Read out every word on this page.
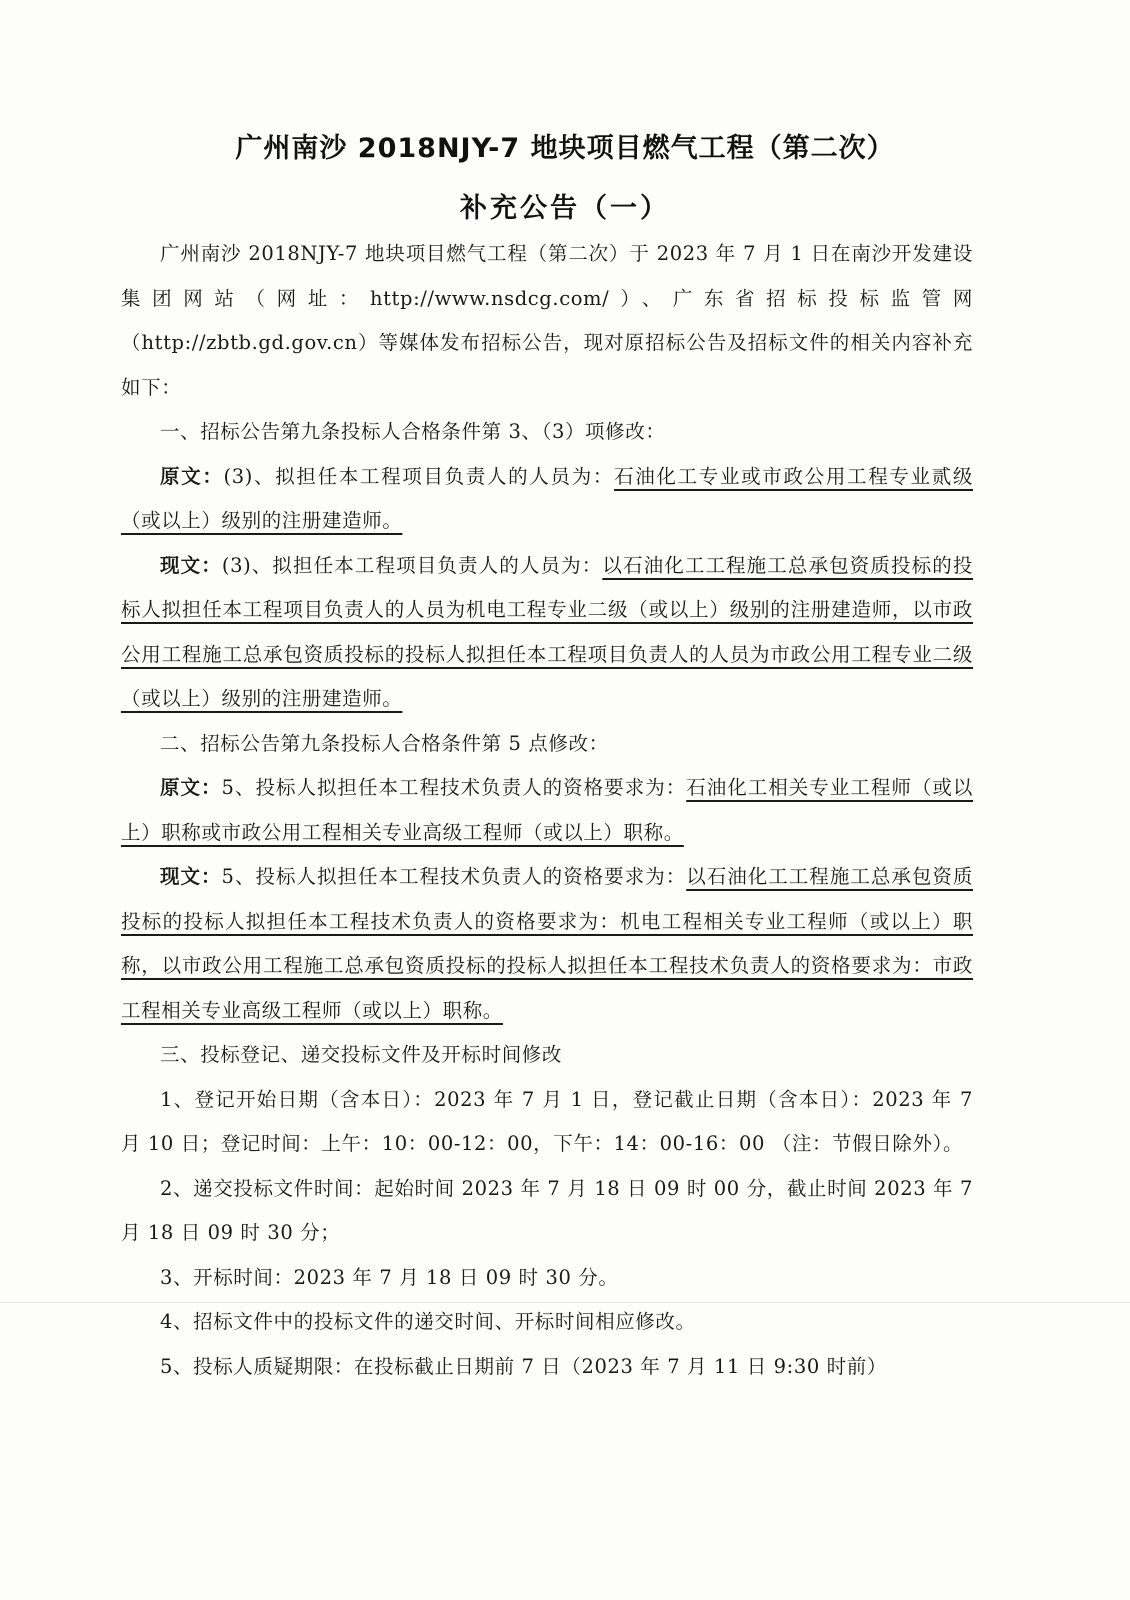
广州南沙 2018NJY-7 地块项目燃气工程（第二次）
补充公告（一）

广州南沙 2018NJY-7 地块项目燃气工程（第二次）于 2023 年 7 月 1 日在南沙开发建设集团网站（网址：http://www.nsdcg.com/）、广东省招标投标监管网（http://zbtb.gd.gov.cn）等媒体发布招标公告，现对原招标公告及招标文件的相关内容补充如下：

一、招标公告第九条投标人合格条件第 3、（3）项修改：

原文：(3)、拟担任本工程项目负责人的人员为：石油化工专业或市政公用工程专业贰级（或以上）级别的注册建造师。

现文：(3)、拟担任本工程项目负责人的人员为：以石油化工工程施工总承包资质投标的投标人拟担任本工程项目负责人的人员为机电工程专业二级（或以上）级别的注册建造师，以市政公用工程施工总承包资质投标的投标人拟担任本工程项目负责人的人员为市政公用工程专业二级（或以上）级别的注册建造师。

二、招标公告第九条投标人合格条件第 5 点修改：

原文：5、投标人拟担任本工程技术负责人的资格要求为：石油化工相关专业工程师（或以上）职称或市政公用工程相关专业高级工程师（或以上）职称。

现文：5、投标人拟担任本工程技术负责人的资格要求为：以石油化工工程施工总承包资质投标的投标人拟担任本工程技术负责人的资格要求为：机电工程相关专业工程师（或以上）职称，以市政公用工程施工总承包资质投标的投标人拟担任本工程技术负责人的资格要求为：市政工程相关专业高级工程师（或以上）职称。

三、投标登记、递交投标文件及开标时间修改

1、登记开始日期（含本日）：2023 年 7 月 1 日，登记截止日期（含本日）：2023 年 7 月 10 日；登记时间：上午：10：00-12：00，下午：14：00-16：00 （注：节假日除外）。

2、递交投标文件时间：起始时间 2023 年 7 月 18 日 09 时 00 分，截止时间 2023 年 7 月 18 日 09 时 30 分；

3、开标时间：2023 年 7 月 18 日 09 时 30 分。

4、招标文件中的投标文件的递交时间、开标时间相应修改。

5、投标人质疑期限：在投标截止日期前 7 日（2023 年 7 月 11 日 9:30 时前）
